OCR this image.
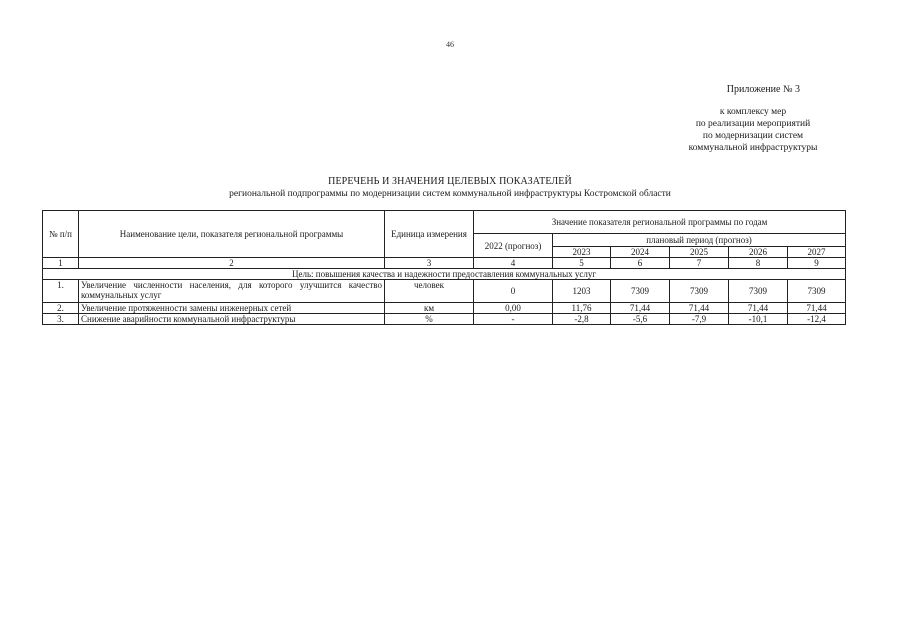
46
Приложение № 3
к комплексу мер
по реализации мероприятий
по модернизации систем
коммунальной инфраструктуры
ПЕРЕЧЕНЬ И ЗНАЧЕНИЯ ЦЕЛЕВЫХ ПОКАЗАТЕЛЕЙ
региональной подпрограммы по модернизации систем коммунальной инфраструктуры Костромской области
№ п/п	Наименование цели, показателя региональной программы	Единица измерения	Значение показателя региональной программы по годам					
			2022 (прогноз)	плановый период (прогноз)				
				2023	2024	2025	2026	2027
1	2	3	4	5	6	7	8	9
Цель: повышения качества и надежности предоставления коммунальных услуг								
1.	Увеличение численности населения, для которого улучшится качество коммунальных услуг	человек	0	1203	7309	7309	7309	7309
2.	Увеличение протяженности замены инженерных сетей	км	0,00	11,76	71,44	71,44	71,44	71,44
3.	Снижение аварийности коммунальной инфраструктуры	%	-	-2,8	-5,6	-7,9	-10,1	-12,4
